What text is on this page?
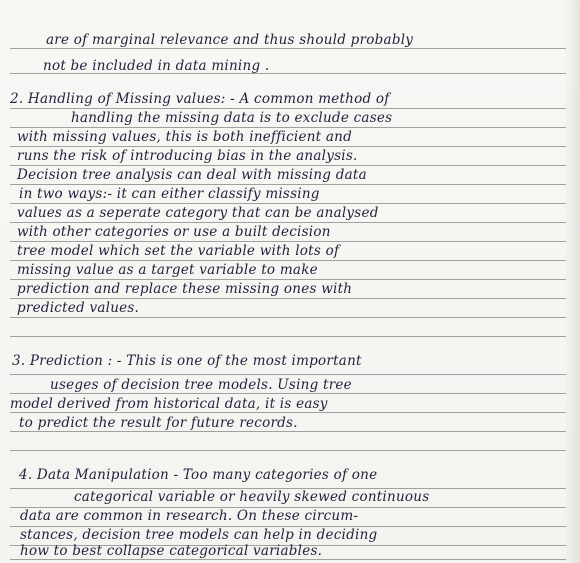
are of marginal relevance and thus should probably
not be included in data mining .
2. Handling of Missing values: - A common method of
handling the missing data is to exclude cases
with missing values, this is both inefficient and
runs the risk of introducing bias in the analysis.
Decision tree analysis can deal with missing data
in two ways:- it can either classify missing
values as a seperate category that can be analysed
with other categories or use a built decision
tree model which set the variable with lots of
missing value as a target variable to make
prediction and replace these missing ones with
predicted values.
3. Prediction : - This is one of the most important
useges of decision tree models. Using tree
model derived from historical data, it is easy
to predict the result for future records.
4. Data Manipulation - Too many categories of one
categorical variable or heavily skewed continuous
data are common in research. On these circum-
stances, decision tree models can help in deciding
how to best collapse categorical variables.
